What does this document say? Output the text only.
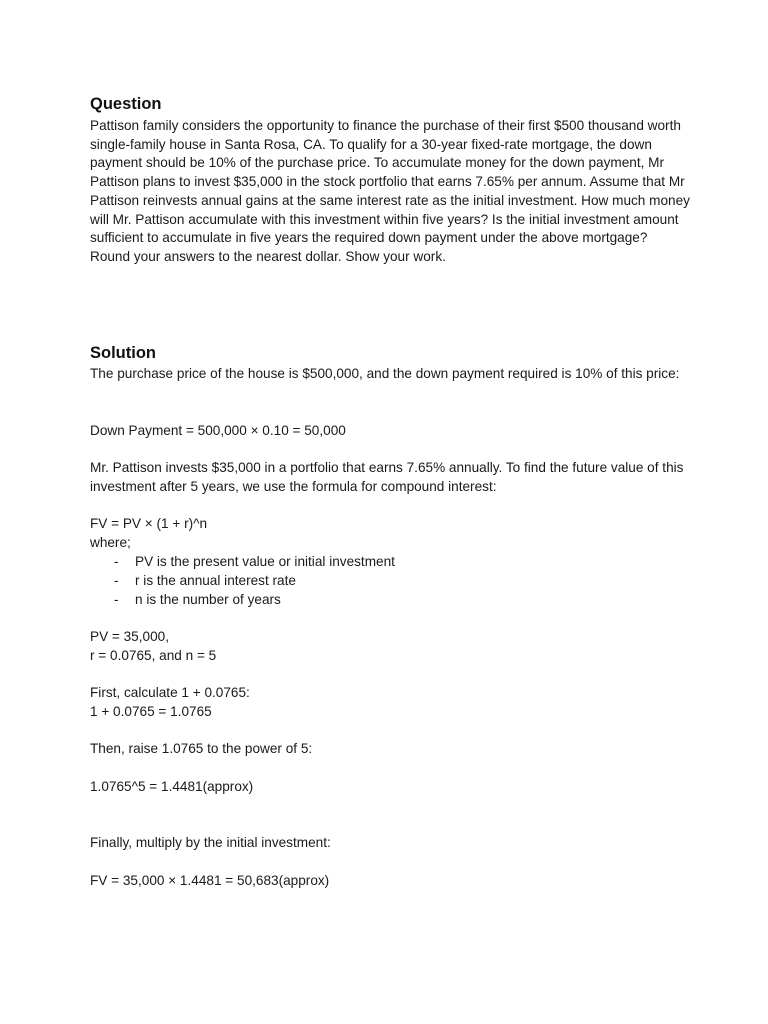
Question

Pattison family considers the opportunity to finance the purchase of their first $500 thousand worth single-family house in Santa Rosa, CA. To qualify for a 30-year fixed-rate mortgage, the down payment should be 10% of the purchase price. To accumulate money for the down payment, Mr Pattison plans to invest $35,000 in the stock portfolio that earns 7.65% per annum. Assume that Mr Pattison reinvests annual gains at the same interest rate as the initial investment. How much money will Mr. Pattison accumulate with this investment within five years? Is the initial investment amount sufficient to accumulate in five years the required down payment under the above mortgage? Round your answers to the nearest dollar. Show your work.

Solution

The purchase price of the house is $500,000, and the down payment required is 10% of this price:

Down Payment = 500,000 × 0.10 = 50,000

Mr. Pattison invests $35,000 in a portfolio that earns 7.65% annually. To find the future value of this investment after 5 years, we use the formula for compound interest:

FV = PV × (1 + r)^n

where;

- PV is the present value or initial investment
- r is the annual interest rate
- n is the number of years

PV = 35,000,

r = 0.0765, and n = 5

First, calculate 1 + 0.0765:

1 + 0.0765 = 1.0765

Then, raise 1.0765 to the power of 5:

1.0765^5 = 1.4481(approx)

Finally, multiply by the initial investment:

FV = 35,000 × 1.4481 = 50,683(approx)
